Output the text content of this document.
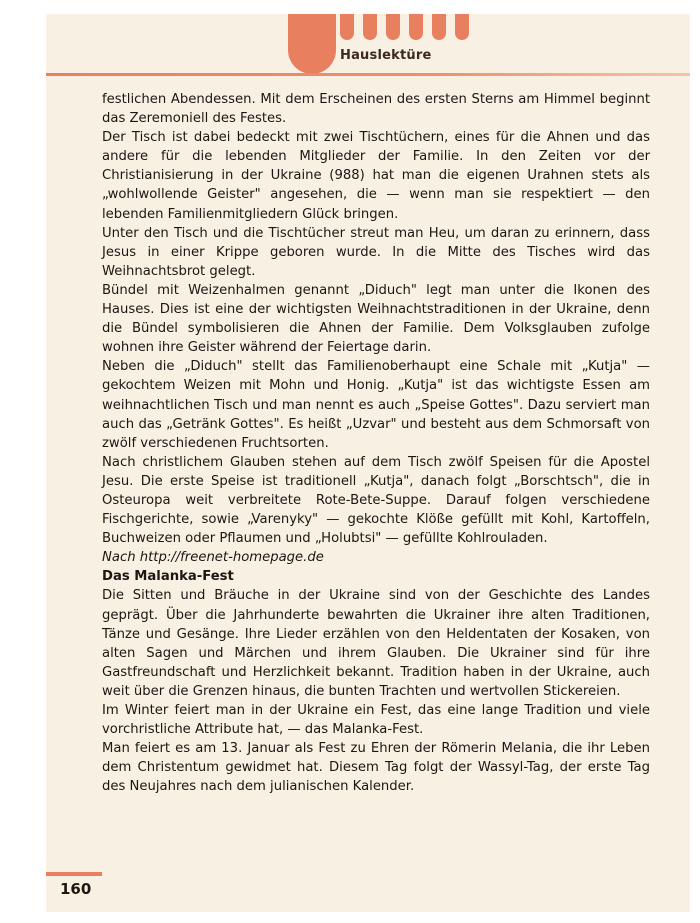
Hauslektüre

festlichen Abendessen. Mit dem Erscheinen des ersten Sterns am Himmel beginnt das Zeremoniell des Festes.

Der Tisch ist dabei bedeckt mit zwei Tischtüchern, eines für die Ahnen und das andere für die lebenden Mitglieder der Familie. In den Zeiten vor der Christianisierung in der Ukraine (988) hat man die eigenen Urahnen stets als „wohlwollende Geister" angesehen, die — wenn man sie respektiert — den lebenden Familienmitgliedern Glück bringen.

Unter den Tisch und die Tischtücher streut man Heu, um daran zu erinnern, dass Jesus in einer Krippe geboren wurde. In die Mitte des Tisches wird das Weihnachtsbrot gelegt.

Bündel mit Weizenhalmen genannt „Diduch" legt man unter die Ikonen des Hauses. Dies ist eine der wichtigsten Weihnachtstraditionen in der Ukraine, denn die Bündel symbolisieren die Ahnen der Familie. Dem Volksglauben zufolge wohnen ihre Geister während der Feiertage darin.

Neben die „Diduch" stellt das Familienoberhaupt eine Schale mit „Kutja" — gekochtem Weizen mit Mohn und Honig. „Kutja" ist das wichtigste Essen am weihnachtlichen Tisch und man nennt es auch „Speise Gottes". Dazu serviert man auch das „Getränk Gottes". Es heißt „Uzvar" und besteht aus dem Schmorsaft von zwölf verschiedenen Fruchtsorten.

Nach christlichem Glauben stehen auf dem Tisch zwölf Speisen für die Apostel Jesu. Die erste Speise ist traditionell „Kutja", danach folgt „Borschtsch", die in Osteuropa weit verbreitete Rote-Bete-Suppe. Darauf folgen verschiedene Fischgerichte, sowie „Varenyky" — gekochte Klöße gefüllt mit Kohl, Kartoffeln, Buchweizen oder Pflaumen und „Holubtsi" — gefüllte Kohlrouladen.

Nach http://freenet-homepage.de

Das Malanka-Fest

Die Sitten und Bräuche in der Ukraine sind von der Geschichte des Landes geprägt. Über die Jahrhunderte bewahrten die Ukrainer ihre alten Traditionen, Tänze und Gesänge. Ihre Lieder erzählen von den Heldentaten der Kosaken, von alten Sagen und Märchen und ihrem Glauben. Die Ukrainer sind für ihre Gastfreundschaft und Herzlichkeit bekannt. Tradition haben in der Ukraine, auch weit über die Grenzen hinaus, die bunten Trachten und wertvollen Stickereien.

Im Winter feiert man in der Ukraine ein Fest, das eine lange Tradition und viele vorchristliche Attribute hat, — das Malanka-Fest.

Man feiert es am 13. Januar als Fest zu Ehren der Römerin Melania, die ihr Leben dem Christentum gewidmet hat. Diesem Tag folgt der Wassyl-Tag, der erste Tag des Neujahres nach dem julianischen Kalender.

160
